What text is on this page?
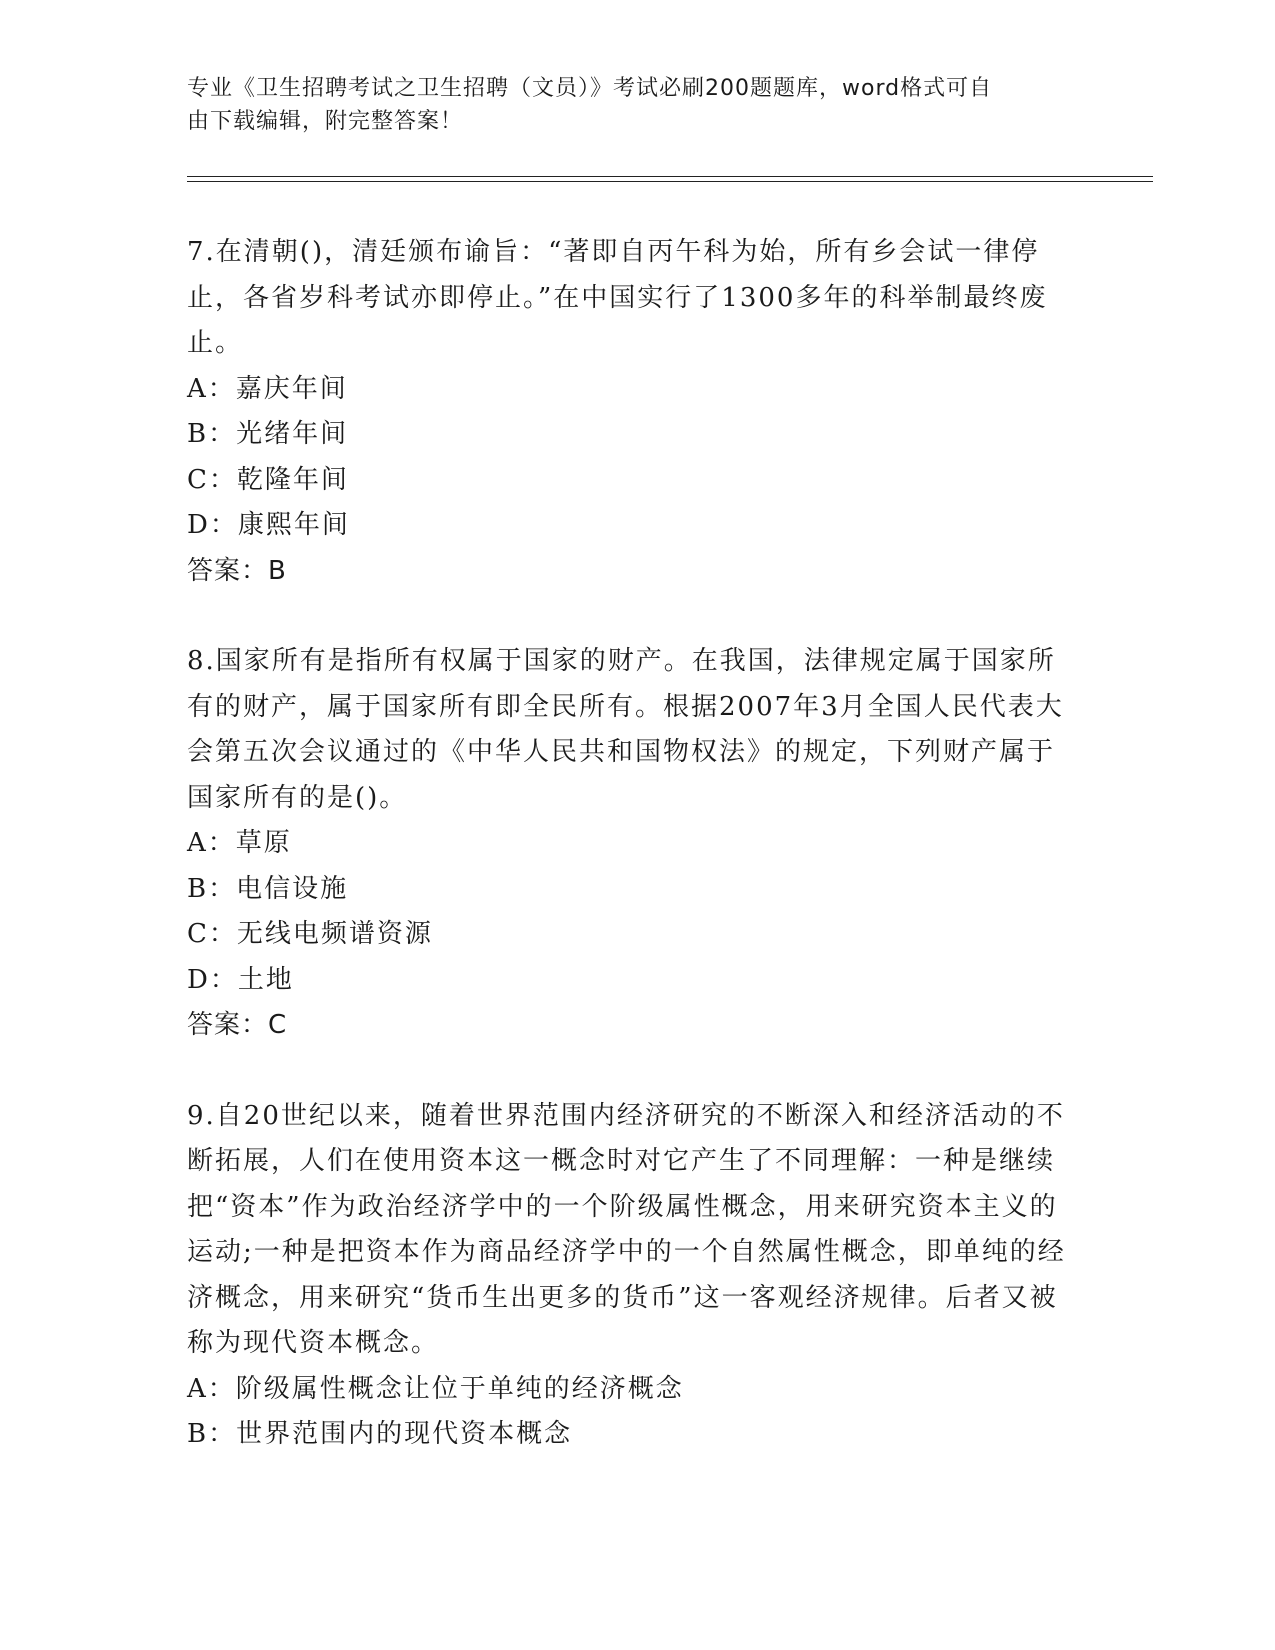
专业《卫生招聘考试之卫生招聘（文员）》考试必刷200题题库，word格式可自
由下载编辑，附完整答案！

7.在清朝()，清廷颁布谕旨：“著即自丙午科为始，所有乡会试一律停止，各省岁科考试亦即停止。”在中国实行了1300多年的科举制最终废止。

A：嘉庆年间

B：光绪年间

C：乾隆年间

D：康熙年间

答案：B

8.国家所有是指所有权属于国家的财产。在我国，法律规定属于国家所有的财产，属于国家所有即全民所有。根据2007年3月全国人民代表大会第五次会议通过的《中华人民共和国物权法》的规定，下列财产属于国家所有的是()。

A：草原

B：电信设施

C：无线电频谱资源

D：土地

答案：C

9.自20世纪以来，随着世界范围内经济研究的不断深入和经济活动的不断拓展，人们在使用资本这一概念时对它产生了不同理解：一种是继续把“资本”作为政治经济学中的一个阶级属性概念，用来研究资本主义的运动;一种是把资本作为商品经济学中的一个自然属性概念，即单纯的经济概念，用来研究“货币生出更多的货币”这一客观经济规律。后者又被称为现代资本概念。

A：阶级属性概念让位于单纯的经济概念

B：世界范围内的现代资本概念
